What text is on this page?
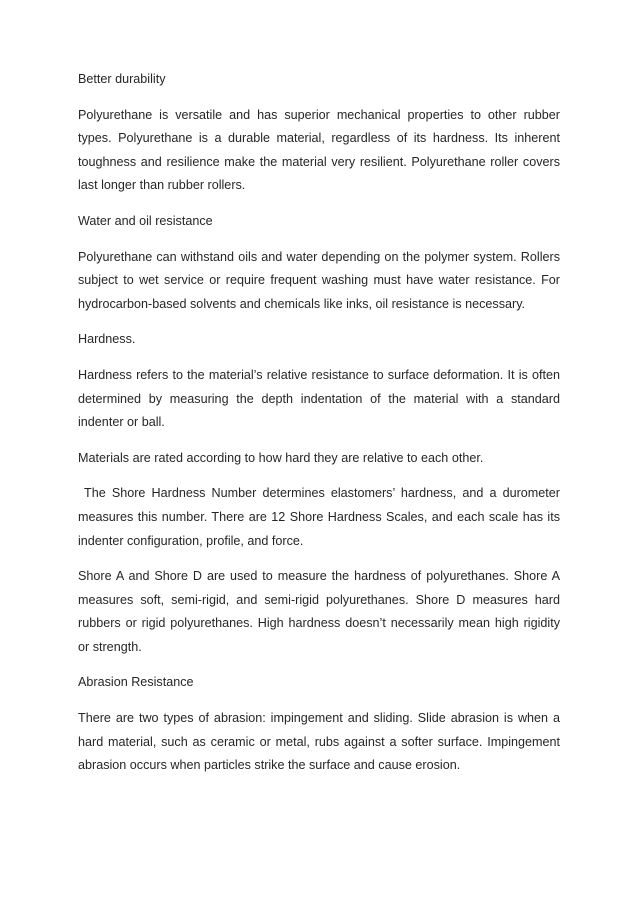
Better durability

Polyurethane is versatile and has superior mechanical properties to other rubber types. Polyurethane is a durable material, regardless of its hardness. Its inherent toughness and resilience make the material very resilient. Polyurethane roller covers last longer than rubber rollers.

Water and oil resistance

Polyurethane can withstand oils and water depending on the polymer system. Rollers subject to wet service or require frequent washing must have water resistance. For hydrocarbon-based solvents and chemicals like inks, oil resistance is necessary.

Hardness.

Hardness refers to the material’s relative resistance to surface deformation. It is often determined by measuring the depth indentation of the material with a standard indenter or ball.

Materials are rated according to how hard they are relative to each other.

The Shore Hardness Number determines elastomers’ hardness, and a durometer measures this number. There are 12 Shore Hardness Scales, and each scale has its indenter configuration, profile, and force.

Shore A and Shore D are used to measure the hardness of polyurethanes. Shore A measures soft, semi-rigid, and semi-rigid polyurethanes. Shore D measures hard rubbers or rigid polyurethanes. High hardness doesn’t necessarily mean high rigidity or strength.

Abrasion Resistance

There are two types of abrasion: impingement and sliding. Slide abrasion is when a hard material, such as ceramic or metal, rubs against a softer surface. Impingement abrasion occurs when particles strike the surface and cause erosion.
